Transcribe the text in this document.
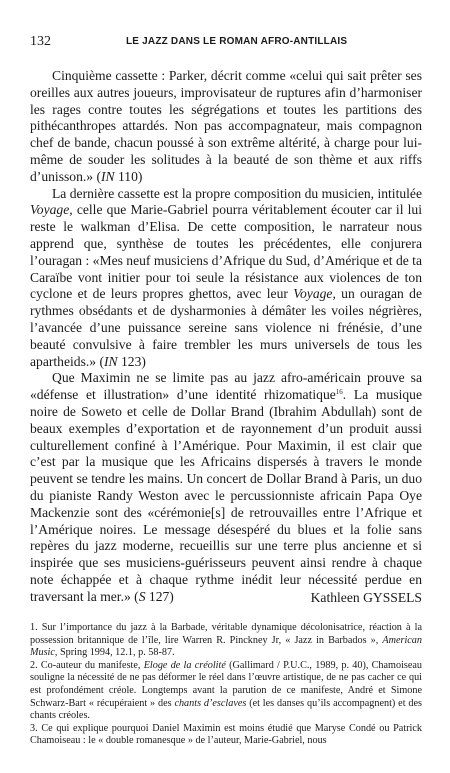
132	LE JAZZ DANS LE ROMAN AFRO-ANTILLAIS

Cinquième cassette : Parker, décrit comme «celui qui sait prêter ses oreilles aux autres joueurs, improvisateur de ruptures afin d’harmoniser les rages contre toutes les ségrégations et toutes les partitions des pithécanthropes attardés. Non pas accompagnateur, mais compagnon chef de bande, chacun poussé à son extrême altérité, à charge pour lui-même de souder les solitudes à la beauté de son thème et aux riffs d’unisson.» (IN 110)

La dernière cassette est la propre composition du musicien, intitulée Voyage, celle que Marie-Gabriel pourra véritablement écouter car il lui reste le walkman d’Elisa. De cette composition, le narrateur nous apprend que, synthèse de toutes les précédentes, elle conjurera l’ouragan : «Mes neuf musiciens d’Afrique du Sud, d’Amérique et de ta Caraïbe vont initier pour toi seule la résistance aux violences de ton cyclone et de leurs propres ghettos, avec leur Voyage, un ouragan de rythmes obsédants et de dysharmonies à démâter les voiles négrières, l’avancée d’une puissance sereine sans violence ni frénésie, d’une beauté convulsive à faire trembler les murs universels de tous les apartheids.» (IN 123)

Que Maximin ne se limite pas au jazz afro-américain prouve sa «défense et illustration» d’une identité rhizomatique$^{16}$. La musique noire de Soweto et celle de Dollar Brand (Ibrahim Abdullah) sont de beaux exemples d’exportation et de rayonnement d’un produit aussi culturellement confiné à l’Amérique. Pour Maximin, il est clair que c’est par la musique que les Africains dispersés à travers le monde peuvent se tendre les mains. Un concert de Dollar Brand à Paris, un duo du pianiste Randy Weston avec le percussionniste africain Papa Oye Mackenzie sont des «cérémonie[s] de retrouvailles entre l’Afrique et l’Amérique noires. Le message désespéré du blues et la folie sans repères du jazz moderne, recueillis sur une terre plus ancienne et si inspirée que ses musiciens-guérisseurs peuvent ainsi rendre à chaque note échappée et à chaque rythme inédit leur nécessité perdue en traversant la mer.» (S 127)	Kathleen GYSSELS

1. Sur l’importance du jazz à la Barbade, véritable dynamique décolonisatrice, réaction à la possession britannique de l’île, lire Warren R. Pinckney Jr, « Jazz in Barbados », American Music, Spring 1994, 12.1, p. 58-87.

2. Co-auteur du manifeste, Eloge de la créolité (Gallimard / P.U.C., 1989, p. 40), Chamoiseau souligne la nécessité de ne pas déformer le réel dans l’œuvre artistique, de ne pas cacher ce qui est profondément créole. Longtemps avant la parution de ce manifeste, André et Simone Schwarz-Bart « récupéraient » des chants d’esclaves (et les danses qu’ils accompagnent) et des chants créoles.

3. Ce qui explique pourquoi Daniel Maximin est moins étudié que Maryse Condé ou Patrick Chamoiseau : le « double romanesque » de l’auteur, Marie-Gabriel, nous
